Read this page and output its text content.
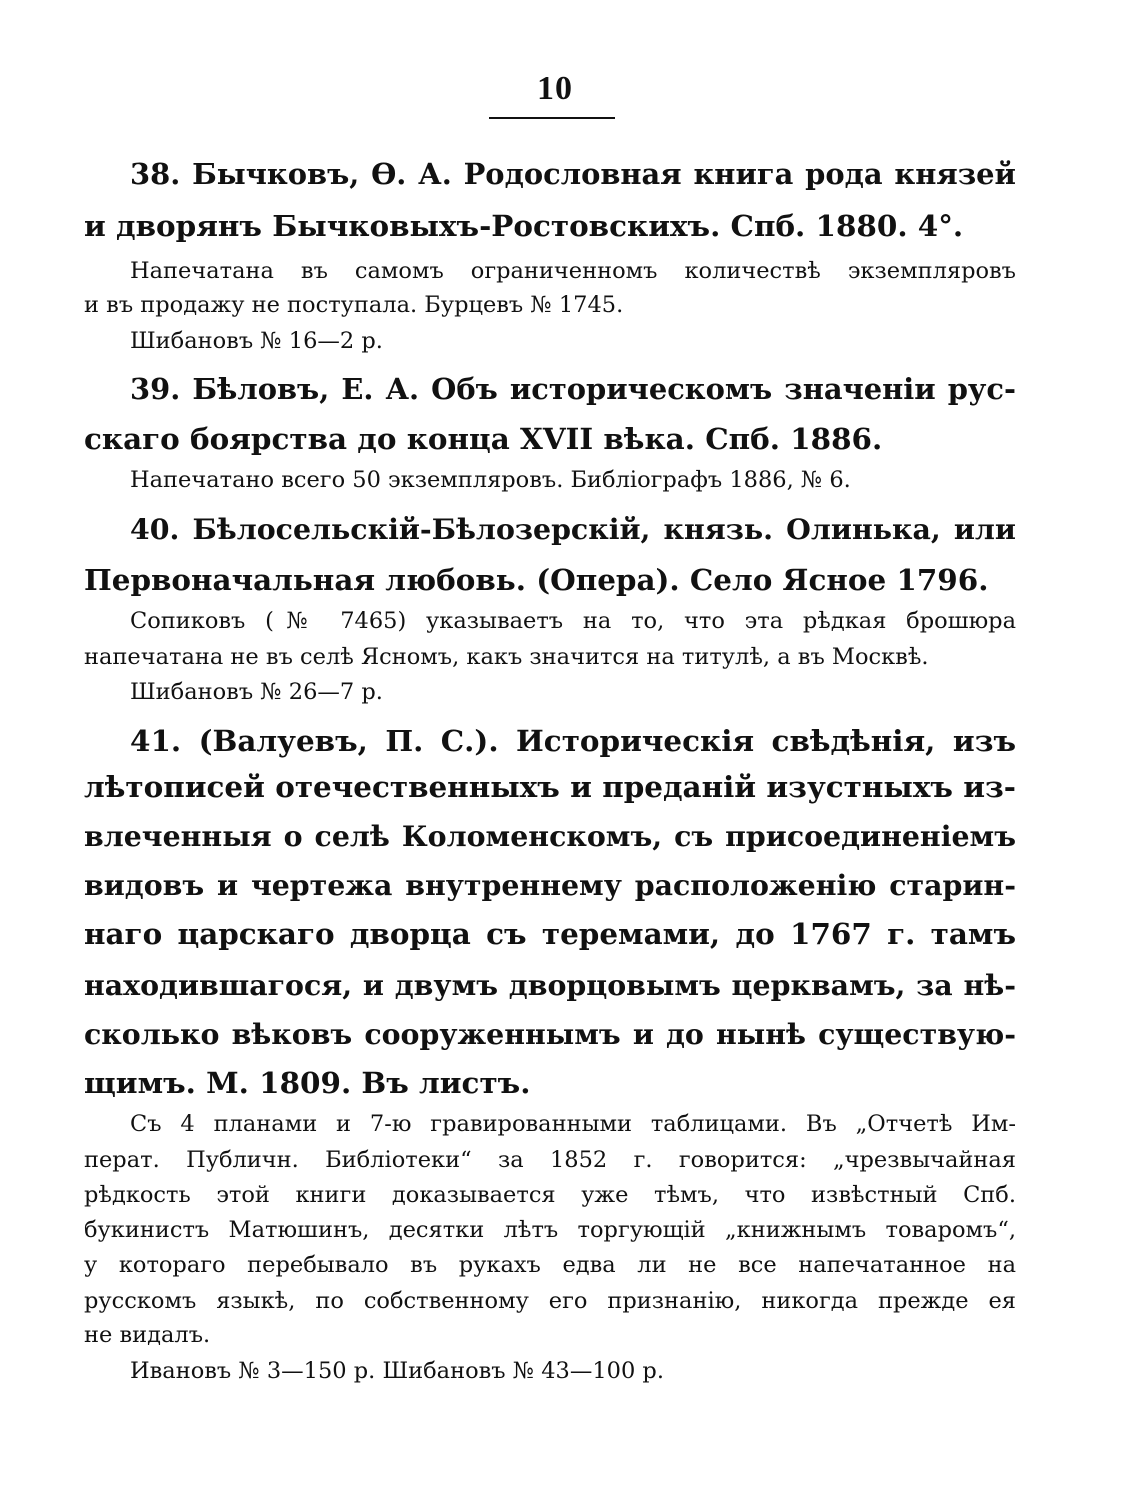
10
38. Бычковъ, Ѳ. А. Родословная книга рода князей
и дворянъ Бычковыхъ-Ростовскихъ. Спб. 1880. 4°.
Напечатана въ самомъ ограниченномъ количествѣ экземпляровъ
и въ продажу не поступала. Бурцевъ № 1745.
Шибановъ № 16—2 р.
39. Бѣловъ, Е. А. Объ историческомъ значенiи рус-
скаго боярства до конца XVII вѣка. Спб. 1886.
Напечатано всего 50 экземпляровъ. Библiографъ 1886, № 6.
40. Бѣлосельскiй-Бѣлозерскiй, князь. Олинька, или
Первоначальная любовь. (Опера). Село Ясное 1796.
Сопиковъ (№ 7465) указываетъ на то, что эта рѣдкая брошюра
напечатана не въ селѣ Ясномъ, какъ значится на титулѣ, а въ Москвѣ.
Шибановъ № 26—7 р.
41. (Валуевъ, П. С.). Историческiя свѣдѣнiя, изъ
лѣтописей отечественныхъ и преданiй изустныхъ из-
влеченныя о селѣ Коломенскомъ, съ присоединенiемъ
видовъ и чертежа внутреннему расположенiю старин-
наго царскаго дворца съ теремами, до 1767 г. тамъ
находившагося, и двумъ дворцовымъ церквамъ, за нѣ-
сколько вѣковъ сооруженнымъ и до нынѣ существую-
щимъ. М. 1809. Въ листъ.
Съ 4 планами и 7-ю гравированными таблицами. Въ „Отчетѣ Им-
перат. Публичн. Библiотеки“ за 1852 г. говорится: „чрезвычайная
рѣдкость этой книги доказывается уже тѣмъ, что извѣстный Спб.
букинистъ Матюшинъ, десятки лѣтъ торгующiй „книжнымъ товаромъ“,
у котораго перебывало въ рукахъ едва ли не все напечатанное на
русскомъ языкѣ, по собственному его признанiю, никогда прежде ея
не видалъ.
Ивановъ № 3—150 р. Шибановъ № 43—100 р.
